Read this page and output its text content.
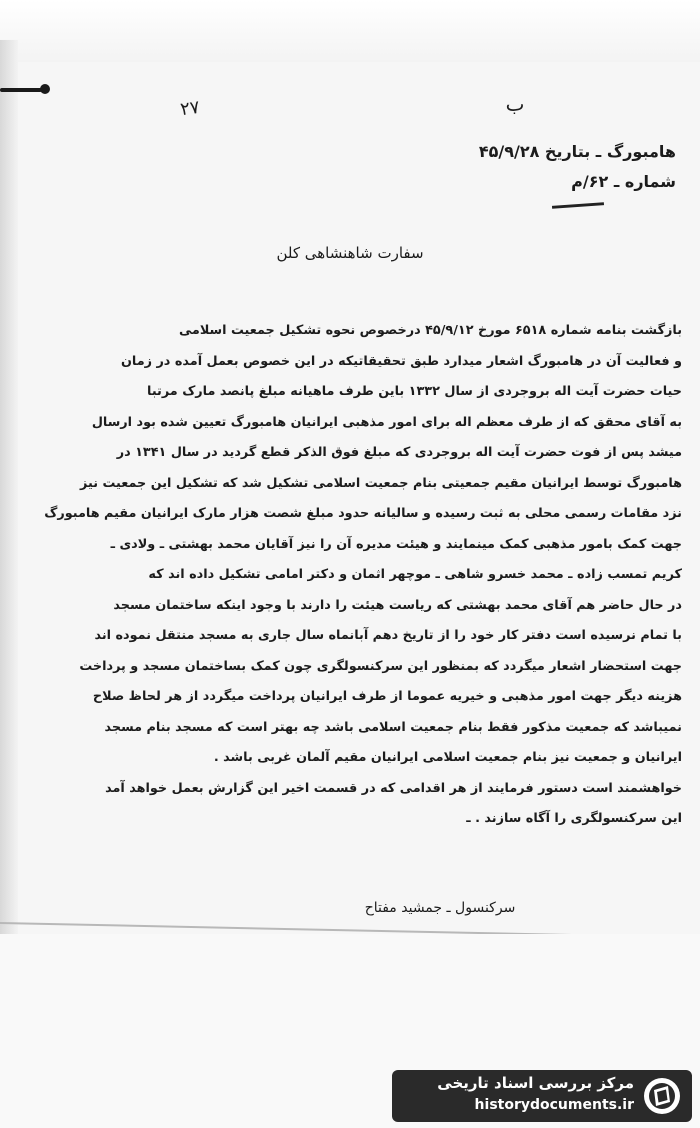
۲۷	ب
هامبورگ ـ بتاریخ ۴۵/۹/۲۸
شماره ـ ۶۲/م
سفارت شاهنشاهی کلن
بازگشت بنامه شماره ۶۵۱۸ مورخ ۴۵/۹/۱۲ درخصوص نحوه تشکیل جمعیت اسلامی
و فعالیت آن در هامبورگ اشعار میدارد طبق تحقیقاتیکه در این خصوص بعمل آمده در زمان
حیات حضرت آیت اله بروجردی از سال ۱۳۳۲ باین طرف ماهیانه مبلغ پانصد مارک مرتبا
به آقای محقق که از طرف معظم اله برای امور مذهبی ایرانیان هامبورگ تعیین شده بود ارسال
میشد پس از فوت حضرت آیت اله بروجردی که مبلغ فوق الذکر قطع گردید در سال ۱۳۴۱ در
هامبورگ توسط ایرانیان مقیم جمعیتی بنام جمعیت اسلامی تشکیل شد که تشکیل این جمعیت نیز
نزد مقامات رسمی محلی به ثبت رسیده و سالیانه حدود مبلغ شصت هزار مارک ایرانیان مقیم هامبورگ
جهت کمک بامور مذهبی کمک مینمایند و هیئت مدیره آن را نیز آقایان محمد بهشتی ـ ولادی ـ
کریم تمسب زاده ـ محمد خسرو شاهی ـ موچهر اثمان و دکتر امامی تشکیل داده اند که
در حال حاضر هم آقای محمد بهشتی که ریاست هیئت را دارند با وجود اینکه ساختمان مسجد
با تمام نرسیده است دفتر کار خود را از تاریخ دهم آبانماه سال جاری به مسجد منتقل نموده اند
جهت استحضار اشعار میگردد که بمنظور این سرکنسولگری چون کمک بساختمان مسجد و پرداخت
هزینه دیگر جهت امور مذهبی و خیریه عموما از طرف ایرانیان پرداخت میگردد از هر لحاظ صلاح
نمیباشد که جمعیت مذکور فقط بنام جمعیت اسلامی باشد چه بهتر است که مسجد بنام مسجد
ایرانیان و جمعیت نیز بنام جمعیت اسلامی ایرانیان مقیم آلمان غربی باشد .
خواهشمند است دستور فرمایند از هر اقدامی که در قسمت اخیر این گزارش بعمل خواهد آمد
این سرکنسولگری را آگاه سازند . ـ
سرکنسول ـ جمشید مفتاح
مرکز بررسی اسناد تاریخی
historydocuments.ir
